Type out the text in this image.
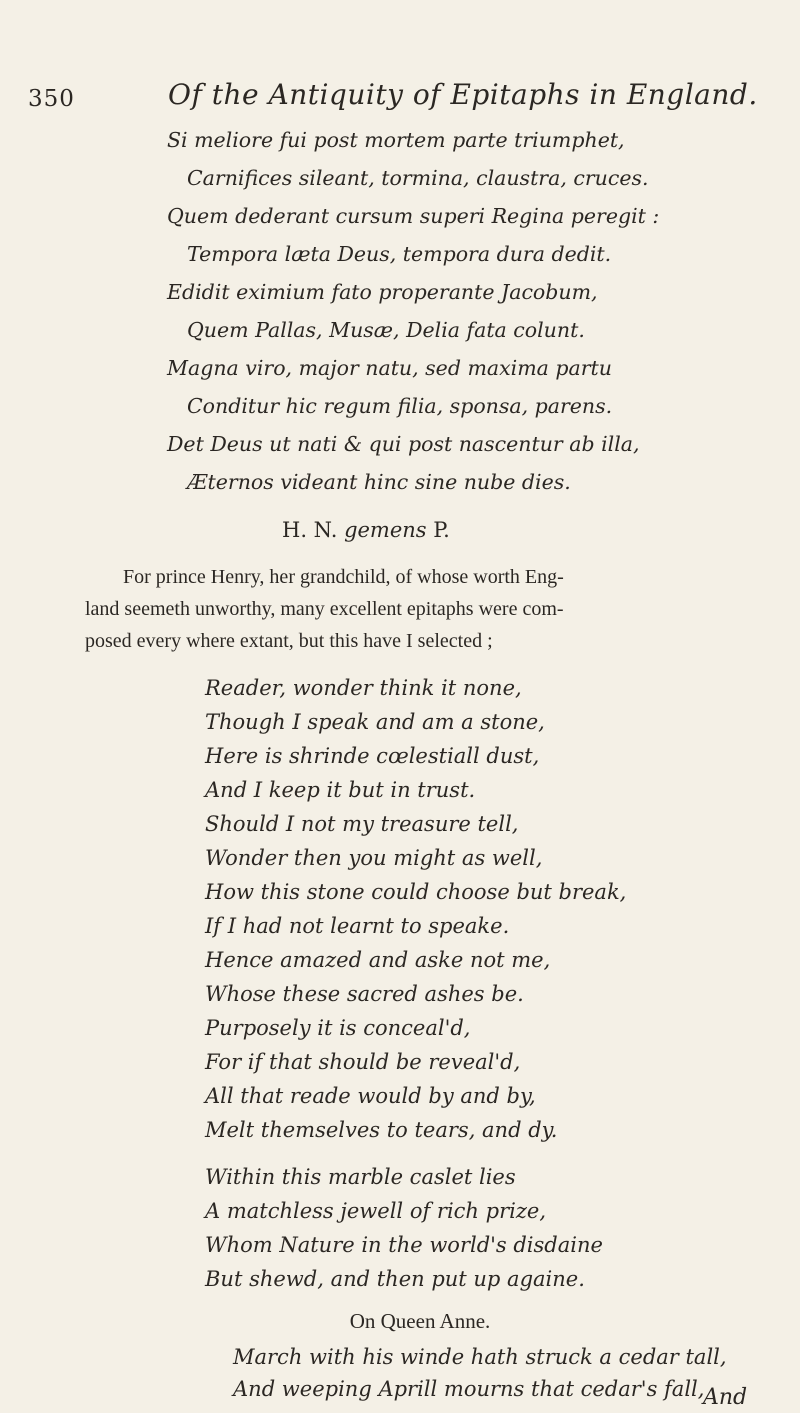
350	Of the Antiquity of Epitaphs in England.
Si meliore fui post mortem parte triumphet,
Carnifices sileant, tormina, claustra, cruces.
Quem dederant cursum superi Regina peregit :
Tempora læta Deus, tempora dura dedit.
Edidit eximium fato properante Jacobum,
Quem Pallas, Musæ, Delia fata colunt.
Magna viro, major natu, sed maxima partu
Conditur hic regum filia, sponsa, parens.
Det Deus ut nati & qui post nascentur ab illa,
Æternos videant hinc sine nube dies.
H. N. gemens P.
For prince Henry, her grandchild, of whose worth Eng-
land seemeth unworthy, many excellent epitaphs were com-
posed every where extant, but this have I selected ;
Reader, wonder think it none,
Though I speak and am a stone,
Here is shrinde cœlestiall dust,
And I keep it but in trust.
Should I not my treasure tell,
Wonder then you might as well,
How this stone could choose but break,
If I had not learnt to speake.
Hence amazed and aske not me,
Whose these sacred ashes be.
Purposely it is conceal'd,
For if that should be reveal'd,
All that reade would by and by,
Melt themselves to tears, and dy.
Within this marble caslet lies
A matchless jewell of rich prize,
Whom Nature in the world's disdaine
On Queen Anne.
But shewd, and then put up againe.
March with his winde hath struck a cedar tall,
And weeping Aprill mourns that cedar's fall,
And
